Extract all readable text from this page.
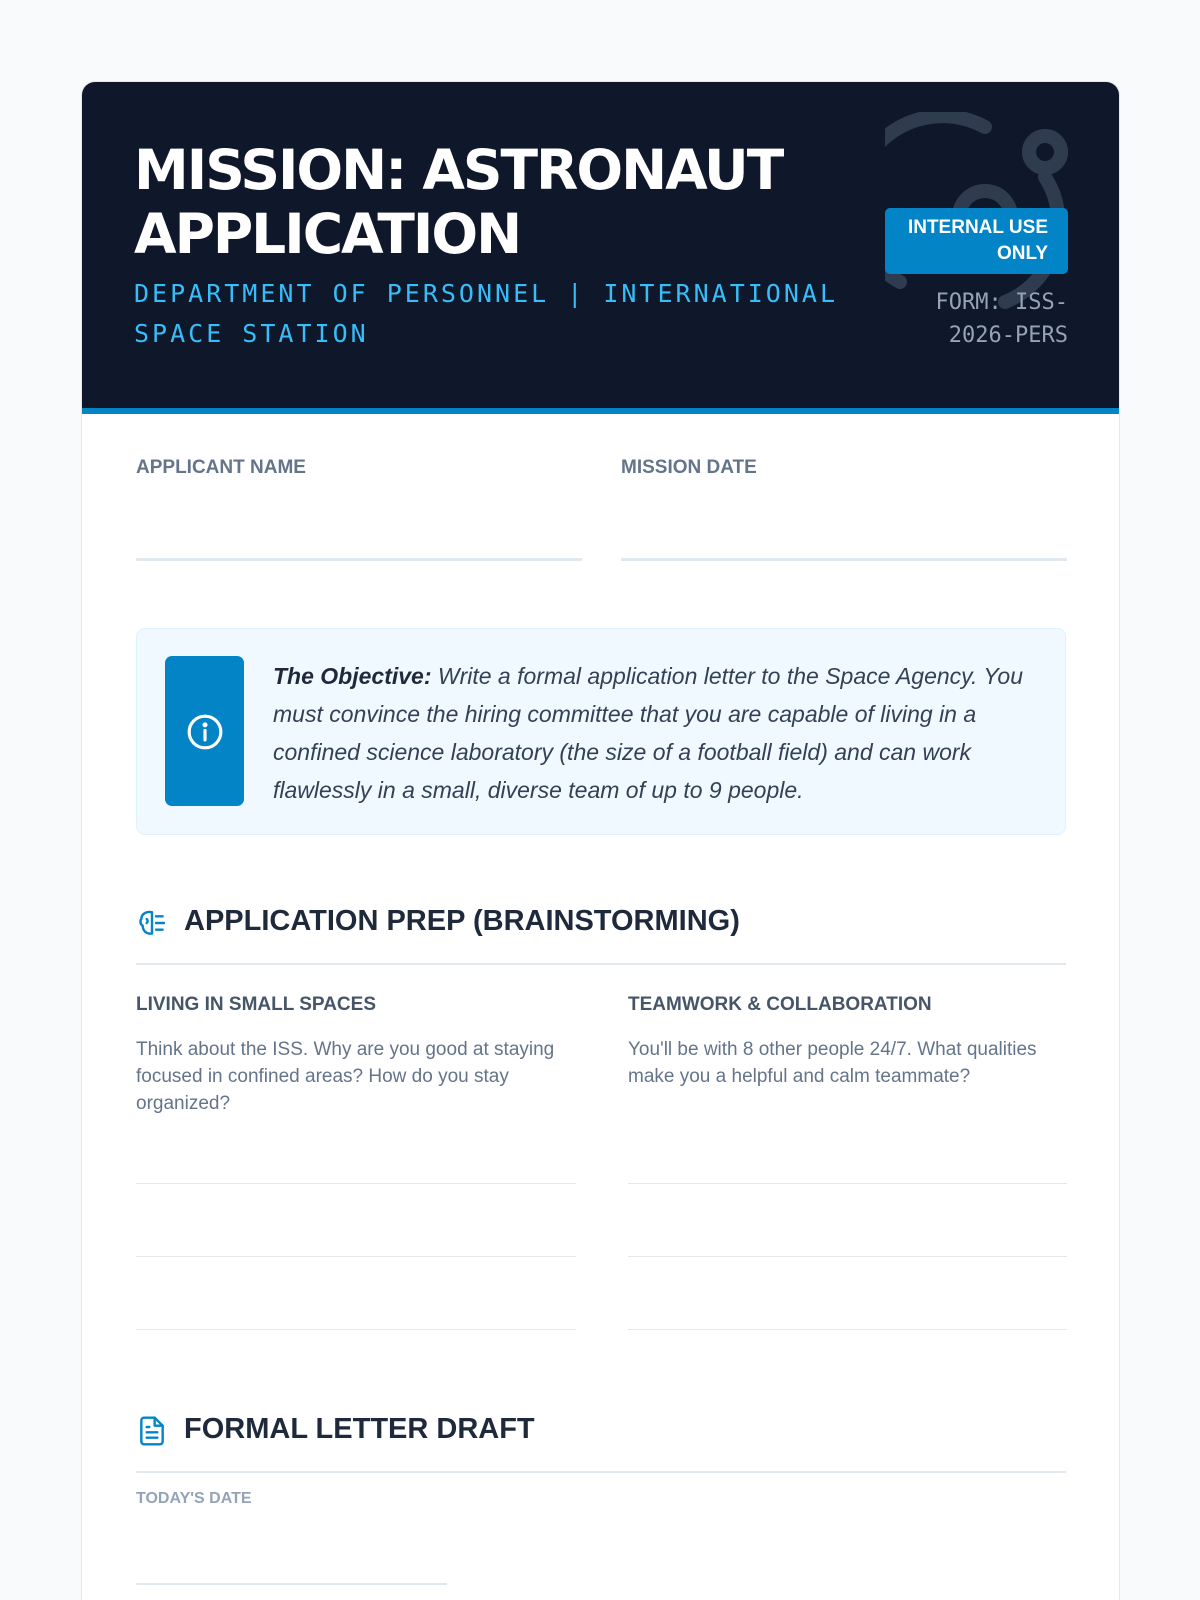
MISSION: ASTRONAUT APPLICATION
DEPARTMENT OF PERSONNEL | INTERNATIONAL SPACE STATION
INTERNAL USE ONLY
FORM: ISS-2026-PERS
APPLICANT NAME	MISSION DATE
The Objective: Write a formal application letter to the Space Agency. You must convince the hiring committee that you are capable of living in a confined science laboratory (the size of a football field) and can work flawlessly in a small, diverse team of up to 9 people.
APPLICATION PREP (BRAINSTORMING)
LIVING IN SMALL SPACES
Think about the ISS. Why are you good at staying focused in confined areas? How do you stay organized?
TEAMWORK & COLLABORATION
You'll be with 8 other people 24/7. What qualities make you a helpful and calm teammate?
FORMAL LETTER DRAFT
TODAY'S DATE
